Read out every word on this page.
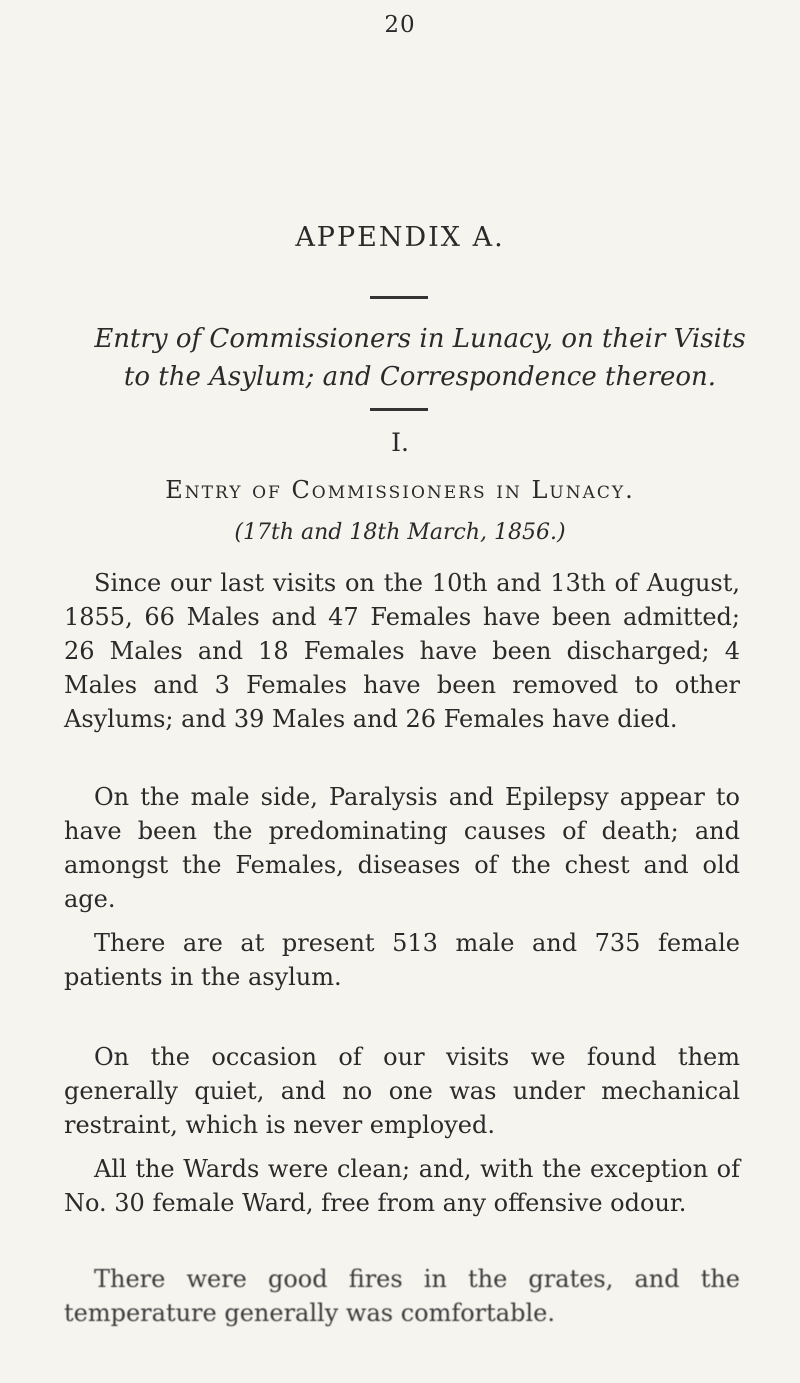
20
APPENDIX A.
Entry of Commissioners in Lunacy, on their Visits to the Asylum; and Correspondence thereon.
I.
Entry of Commissioners in Lunacy.
(17th and 18th March, 1856.)

Since our last visits on the 10th and 13th of August, 1855, 66 Males and 47 Females have been admitted; 26 Males and 18 Females have been discharged; 4 Males and 3 Females have been removed to other Asylums; and 39 Males and 26 Females have died.

On the male side, Paralysis and Epilepsy appear to have been the predominating causes of death; and amongst the Females, diseases of the chest and old age.

There are at present 513 male and 735 female patients in the asylum.

On the occasion of our visits we found them generally quiet, and no one was under mechanical restraint, which is never employed.

All the Wards were clean; and, with the exception of No. 30 female Ward, free from any offensive odour.

There were good fires in the grates, and the temperature generally was comfortable.
